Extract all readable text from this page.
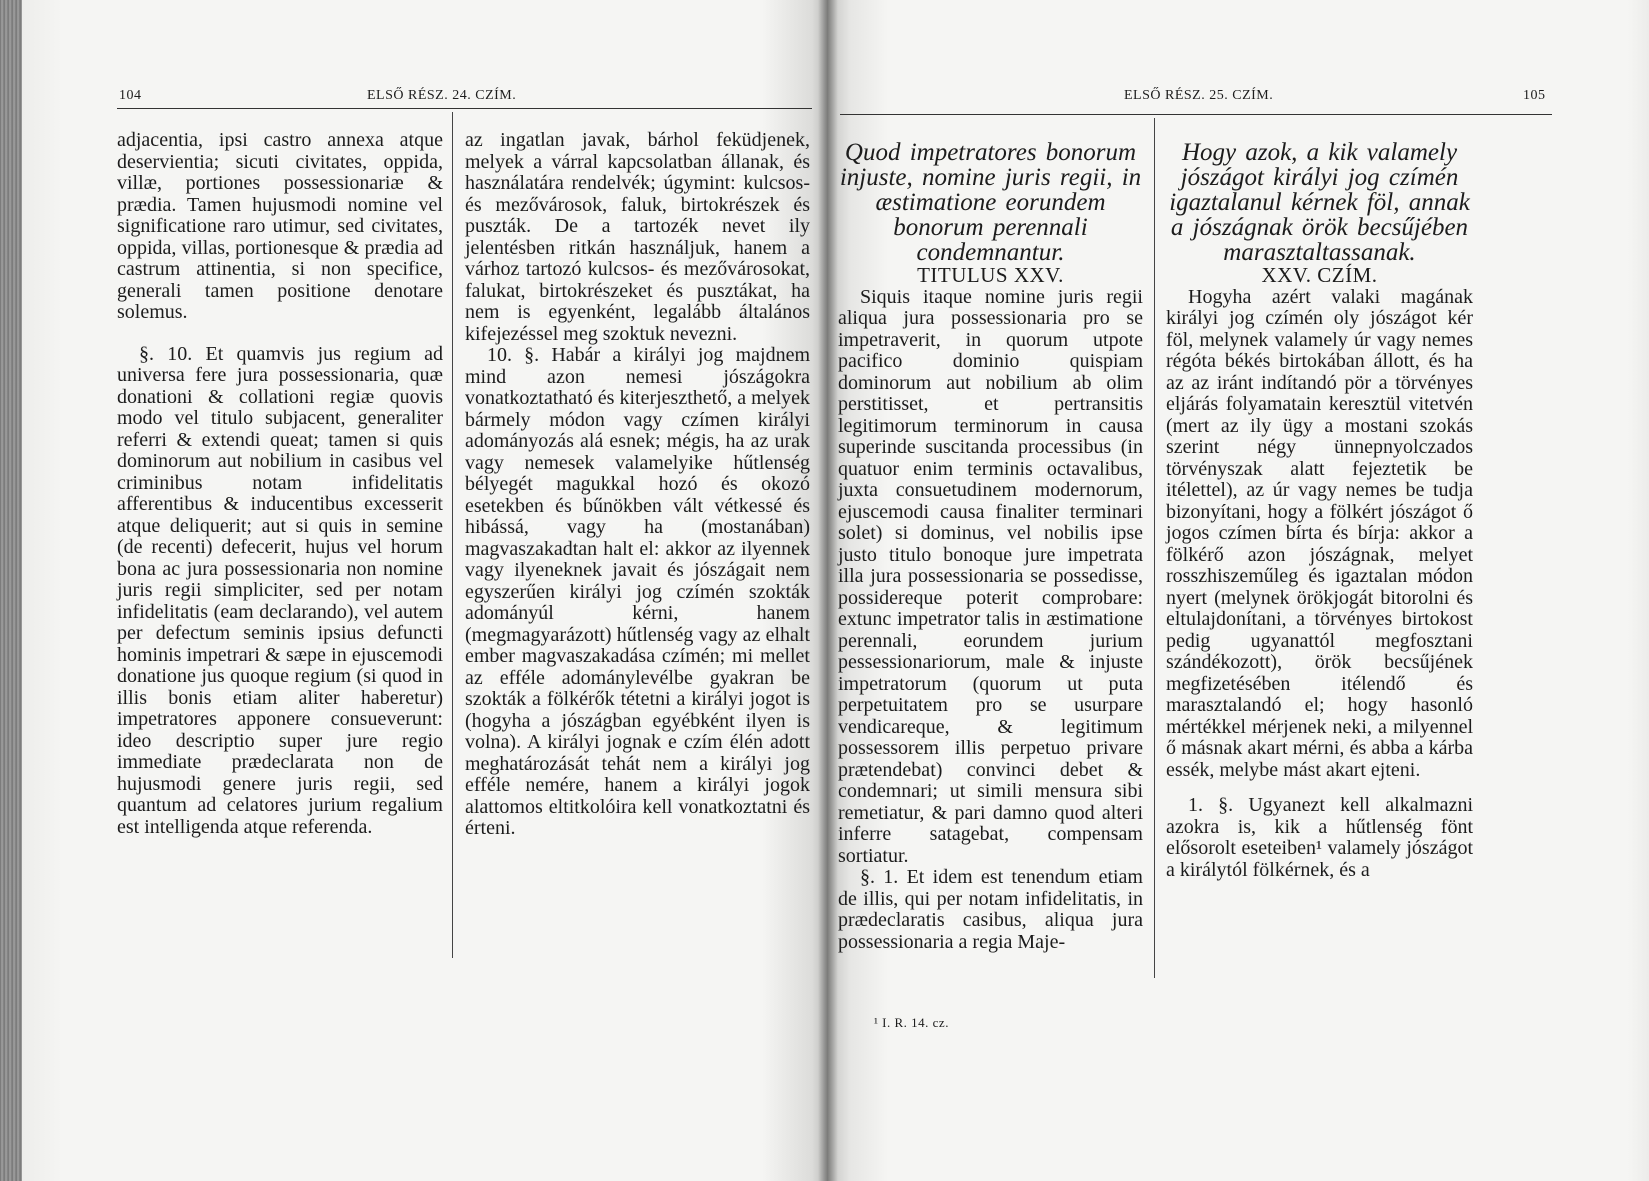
104	ELSŐ RÉSZ. 24. CZÍM.

adjacentia, ipsi castro annexa atque deservientia; sicuti civitates, oppida, villæ, portiones possessionariæ & prædia. Tamen hujusmodi nomine vel significatione raro utimur, sed civitates, oppida, villas, portionesque & prædia ad castrum attinentia, si non specifice, generali tamen positione denotare solemus.

§. 10. Et quamvis jus regium ad universa fere jura possessionaria, quæ donationi & collationi regiæ quovis modo vel titulo subjacent, generaliter referri & extendi queat; tamen si quis dominorum aut nobilium in casibus vel criminibus notam infidelitatis afferentibus & inducentibus excesserit atque deliquerit; aut si quis in semine (de recenti) defecerit, hujus vel horum bona ac jura possessionaria non nomine juris regii simpliciter, sed per notam infidelitatis (eam declarando), vel autem per defectum seminis ipsius defuncti hominis impetrari & sæpe in ejuscemodi donatione jus quoque regium (si quod in illis bonis etiam aliter haberetur) impetratores apponere consueverunt: ideo descriptio super jure regio immediate prædeclarata non de hujusmodi genere juris regii, sed quantum ad celatores jurium regalium est intelligenda atque referenda.

az ingatlan javak, bárhol feküdjenek, melyek a várral kapcsolatban állanak, és használatára rendelvék; úgymint: kulcsos- és mezővárosok, faluk, birtokrészek és puszták. De a tartozék nevet ily jelentésben ritkán használjuk, hanem a várhoz tartozó kulcsos- és mezővárosokat, falukat, birtokrészeket és pusztákat, ha nem is egyenként, legalább általános kifejezéssel meg szoktuk nevezni.

10. §. Habár a királyi jog majdnem mind azon nemesi jószágokra vonatkoztatható és kiterjeszthető, a melyek bármely módon vagy czímen királyi adományozás alá esnek; mégis, ha az urak vagy nemesek valamelyike hűtlenség bélyegét magukkal hozó és okozó esetekben és bűnökben vált vétkessé és hibássá, vagy ha (mostanában) magvaszakadtan halt el: akkor az ilyennek vagy ilyeneknek javait és jószágait nem egyszerűen királyi jog czímén szokták adományúl kérni, hanem (megmagyarázott) hűtlenség vagy az elhalt ember magvaszakadása czímén; mi mellet az efféle adománylevélbe gyakran be szokták a fölkérők tétetni a királyi jogot is (hogyha a jószágban egyébként ilyen is volna). A királyi jognak e czím élén adott meghatározását tehát nem a királyi jog efféle nemére, hanem a királyi jogok alattomos eltitkolóira kell vonatkoztatni és érteni.

ELSŐ RÉSZ. 25. CZÍM.	105

Quod impetratores bonorum injuste, nomine juris regii, in æstimatione eorundem bonorum perennali condemnantur.

TITULUS XXV.

Siquis itaque nomine juris regii aliqua jura possessionaria pro se impetraverit, in quorum utpote pacifico dominio quispiam dominorum aut nobilium ab olim perstitisset, et pertransitis legitimorum terminorum in causa superinde suscitanda processibus (in quatuor enim terminis octavalibus, juxta consuetudinem modernorum, ejuscemodi causa finaliter terminari solet) si dominus, vel nobilis ipse justo titulo bonoque jure impetrata illa jura possessionaria se possedisse, possidereque poterit comprobare: extunc impetrator talis in æstimatione perennali, eorundem jurium pessessionariorum, male & injuste impetratorum (quorum ut puta perpetuitatem pro se usurpare vendicareque, & legitimum possessorem illis perpetuo privare prætendebat) convinci debet & condemnari; ut simili mensura sibi remetiatur, & pari damno quod alteri inferre satagebat, compensam sortiatur.

§. 1. Et idem est tenendum etiam de illis, qui per notam infidelitatis, in prædeclaratis casibus, aliqua jura possessionaria a regia Maje-

Hogy azok, a kik valamely jószágot királyi jog czímén igaztalanul kérnek föl, annak a jószágnak örök becsűjében marasztaltassanak.

XXV. CZÍM.

Hogyha azért valaki magának királyi jog czímén oly jószágot kér föl, melynek valamely úr vagy nemes régóta békés birtokában állott, és ha az az iránt indítandó pör a törvényes eljárás folyamatain keresztül vitetvén (mert az ily ügy a mostani szokás szerint négy ünnepnyolczados törvényszak alatt fejeztetik be itélettel), az úr vagy nemes be tudja bizonyítani, hogy a fölkért jószágot ő jogos czímen bírta és bírja: akkor a fölkérő azon jószágnak, melyet rosszhiszeműleg és igaztalan módon nyert (melynek örökjogát bitorolni és eltulajdonítani, a törvényes birtokost pedig ugyanattól megfosztani szándékozott), örök becsűjének megfizetésében itélendő és marasztalandó el; hogy hasonló mértékkel mérjenek neki, a milyennel ő másnak akart mérni, és abba a kárba essék, melybe mást akart ejteni.

1. §. Ugyanezt kell alkalmazni azokra is, kik a hűtlenség fönt elősorolt eseteiben¹ valamely jószágot a királytól fölkérnek, és a

¹ I. R. 14. cz.
